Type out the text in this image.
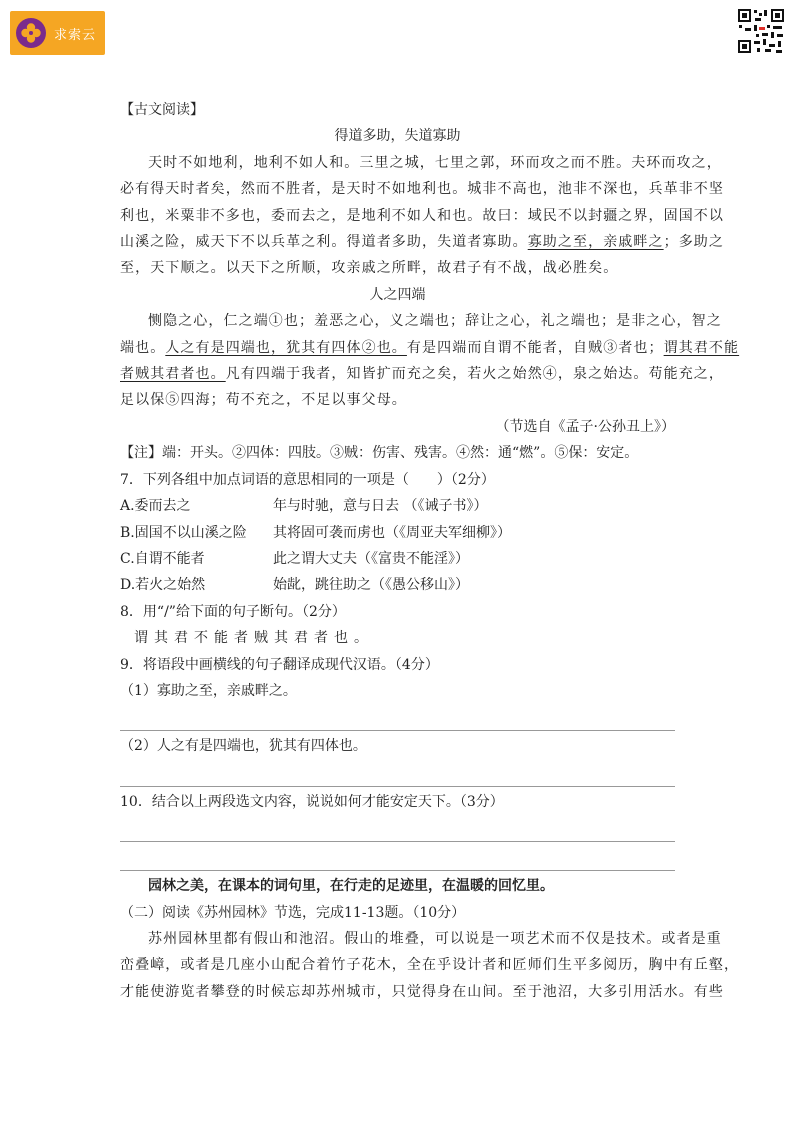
求索云
【古文阅读】
得道多助，失道寡助
天时不如地利，地利不如人和。三里之城，七里之郭，环而攻之而不胜。夫环而攻之，
必有得天时者矣，然而不胜者，是天时不如地利也。城非不高也，池非不深也，兵革非不坚
利也，米粟非不多也，委而去之，是地利不如人和也。故曰：域民不以封疆之界，固国不以
山溪之险，威天下不以兵革之利。得道者多助，失道者寡助。寡助之至，亲戚畔之；多助之
至，天下顺之。以天下之所顺，攻亲戚之所畔，故君子有不战，战必胜矣。
人之四端
恻隐之心，仁之端①也；羞恶之心，义之端也；辞让之心，礼之端也；是非之心，智之
端也。人之有是四端也，犹其有四体②也。有是四端而自谓不能者，自贼③者也；谓其君不能
者贼其君者也。凡有四端于我者，知皆扩而充之矣，若火之始然④，泉之始达。苟能充之，
足以保⑤四海；苟不充之，不足以事父母。
（节选自《孟子·公孙丑上》）
【注】端：开头。②四体：四肢。③贼：伤害、残害。④然：通“燃”。⑤保：安定。
7．下列各组中加点词语的意思相同的一项是（　　）（2分）
A.委而去之	年与时驰，意与日去 （《诫子书》）
B.固国不以山溪之险	其将固可袭而虏也（《周亚夫军细柳》）
C.自谓不能者	此之谓大丈夫（《富贵不能淫》）
D.若火之始然	始龀，跳往助之（《愚公移山》）
8．用“/”给下面的句子断句。（2分）
谓其君不能者贼其君者也。
9．将语段中画横线的句子翻译成现代汉语。（4分）
（1）寡助之至，亲戚畔之。
（2）人之有是四端也，犹其有四体也。
10．结合以上两段选文内容，说说如何才能安定天下。（3分）
园林之美，在课本的词句里，在行走的足迹里，在温暖的回忆里。
（二）阅读《苏州园林》节选，完成11-13题。（10分）
苏州园林里都有假山和池沼。假山的堆叠，可以说是一项艺术而不仅是技术。或者是重
峦叠嶂，或者是几座小山配合着竹子花木，全在乎设计者和匠师们生平多阅历，胸中有丘壑，
才能使游览者攀登的时候忘却苏州城市，只觉得身在山间。至于池沼，大多引用活水。有些
